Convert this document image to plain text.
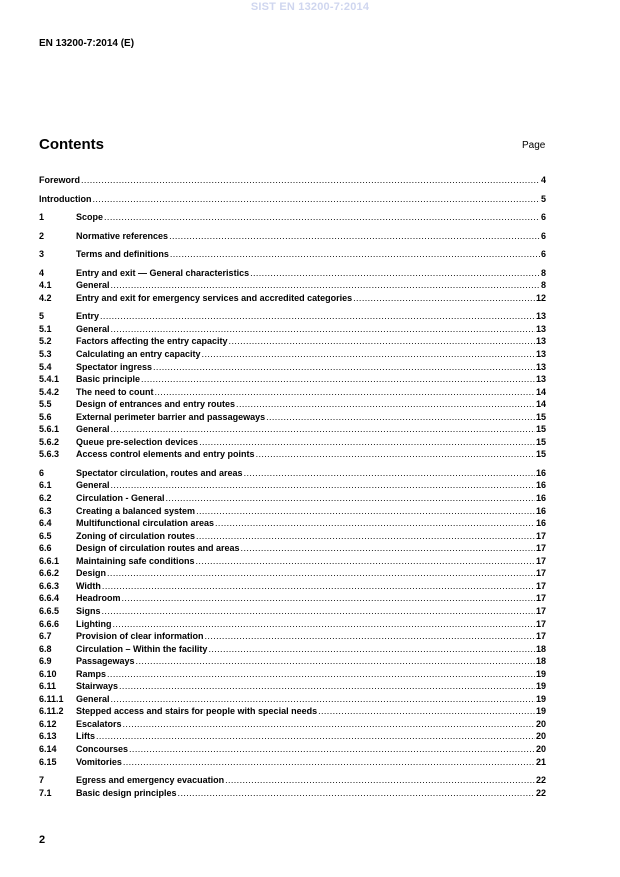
SIST EN 13200-7:2014
EN 13200-7:2014 (E)
Contents	Page
Foreword .....	4
Introduction .....	5
1	Scope .....	6
2	Normative references .....	6
3	Terms and definitions .....	6
4	Entry and exit — General characteristics .....	8
4.1	General .....	8
4.2	Entry and exit for emergency services and accredited categories .....	12
5	Entry .....	13
5.1	General .....	13
5.2	Factors affecting the entry capacity .....	13
5.3	Calculating an entry capacity .....	13
5.4	Spectator ingress .....	13
5.4.1	Basic principle .....	13
5.4.2	The need to count .....	14
5.5	Design of entrances and entry routes .....	14
5.6	External perimeter barrier and passageways .....	15
5.6.1	General .....	15
5.6.2	Queue pre-selection devices .....	15
5.6.3	Access control elements and entry points .....	15
6	Spectator circulation, routes and areas .....	16
6.1	General .....	16
6.2	Circulation - General .....	16
6.3	Creating a balanced system .....	16
6.4	Multifunctional circulation areas .....	16
6.5	Zoning of circulation routes .....	17
6.6	Design of circulation routes and areas .....	17
6.6.1	Maintaining safe conditions .....	17
6.6.2	Design .....	17
6.6.3	Width .....	17
6.6.4	Headroom .....	17
6.6.5	Signs .....	17
6.6.6	Lighting .....	17
6.7	Provision of clear information .....	17
6.8	Circulation – Within the facility .....	18
6.9	Passageways .....	18
6.10	Ramps .....	19
6.11	Stairways .....	19
6.11.1	General .....	19
6.11.2	Stepped access and stairs for people with special needs .....	19
6.12	Escalators .....	20
6.13	Lifts .....	20
6.14	Concourses .....	20
6.15	Vomitories .....	21
7	Egress and emergency evacuation .....	22
7.1	Basic design principles .....	22
2
